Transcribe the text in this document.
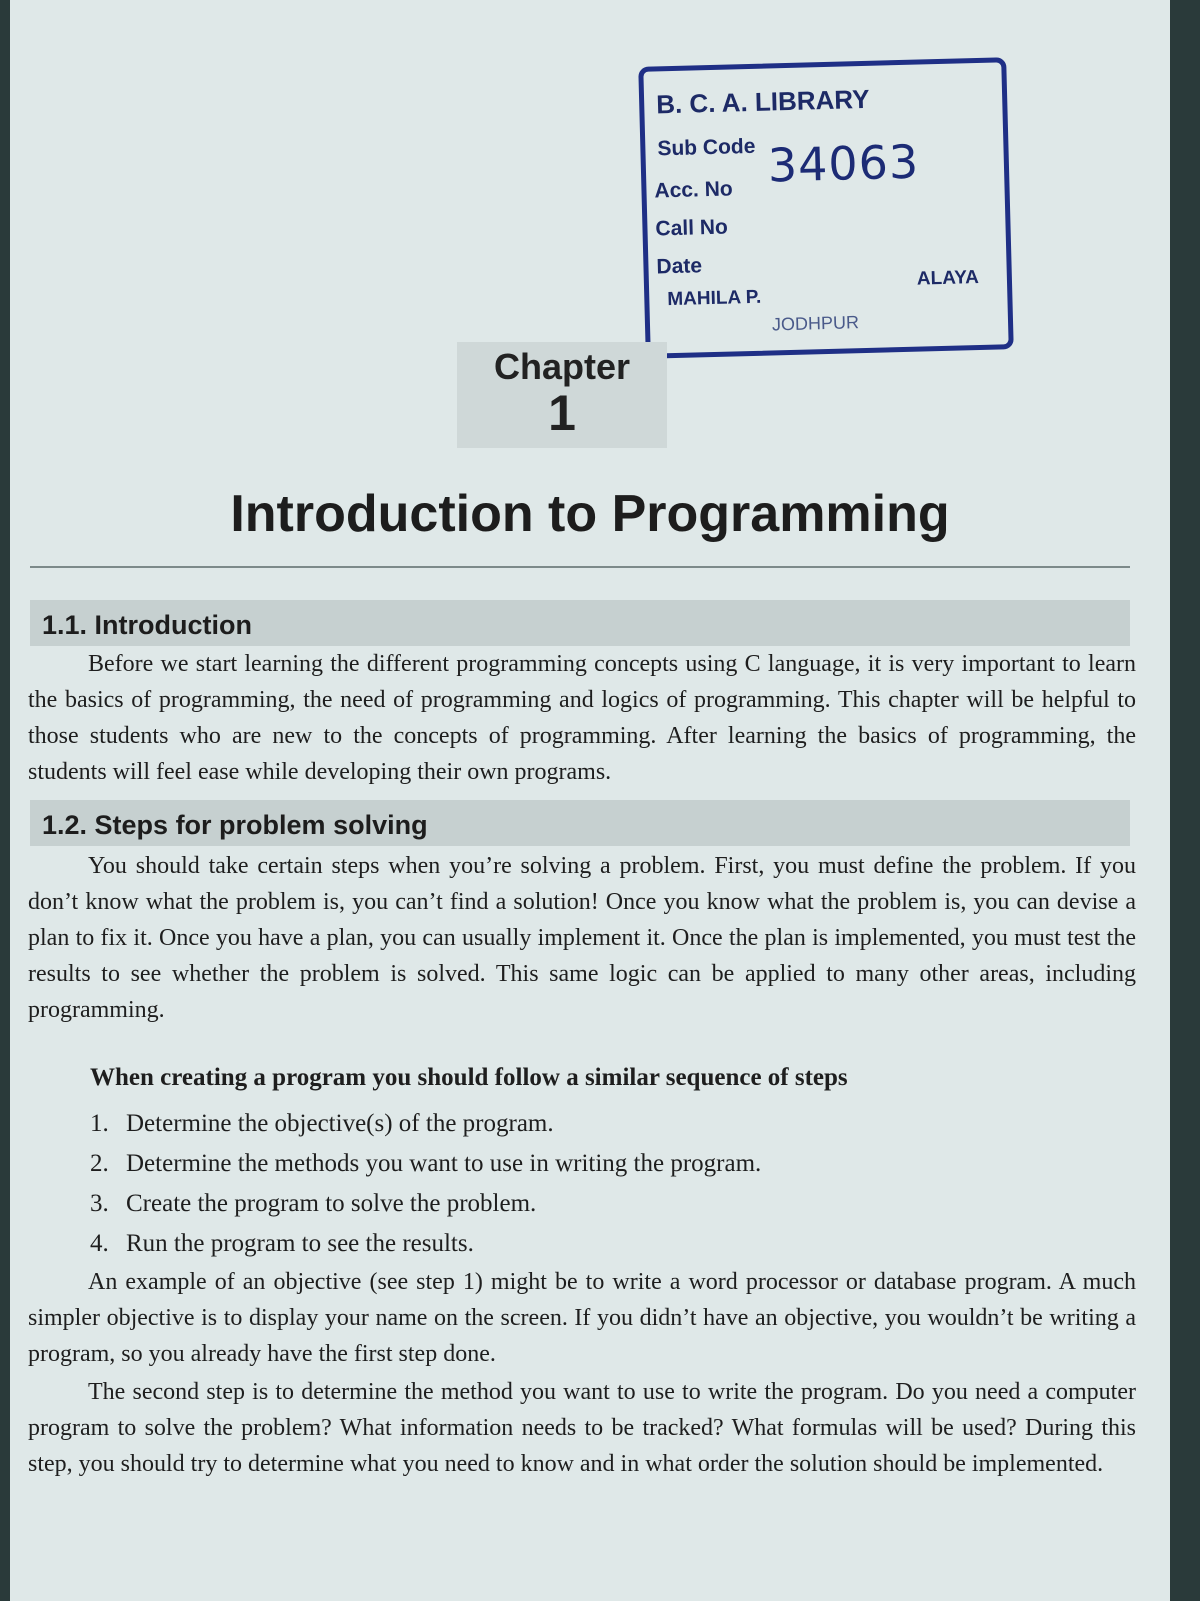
B. C. A. LIBRARY
Sub Code
Acc. No 34063
Call No
Date
MAHILA P.
ALAYA
JODHPUR
Chapter
1
Introduction to Programming
1.1. Introduction

Before we start learning the different programming concepts using C language, it is very important to learn the basics of programming, the need of programming and logics of programming. This chapter will be helpful to those students who are new to the concepts of programming. After learning the basics of programming, the students will feel ease while developing their own programs.

1.2. Steps for problem solving

You should take certain steps when you’re solving a problem. First, you must define the problem. If you don’t know what the problem is, you can’t find a solution! Once you know what the problem is, you can devise a plan to fix it. Once you have a plan, you can usually implement it. Once the plan is implemented, you must test the results to see whether the problem is solved. This same logic can be applied to many other areas, including programming.

When creating a program you should follow a similar sequence of steps
1. Determine the objective(s) of the program.
2. Determine the methods you want to use in writing the program.
3. Create the program to solve the problem.
4. Run the program to see the results.

An example of an objective (see step 1) might be to write a word processor or database program. A much simpler objective is to display your name on the screen. If you didn’t have an objective, you wouldn’t be writing a program, so you already have the first step done.

The second step is to determine the method you want to use to write the program. Do you need a computer program to solve the problem? What information needs to be tracked? What formulas will be used? During this step, you should try to determine what you need to know and in what order the solution should be implemented.
